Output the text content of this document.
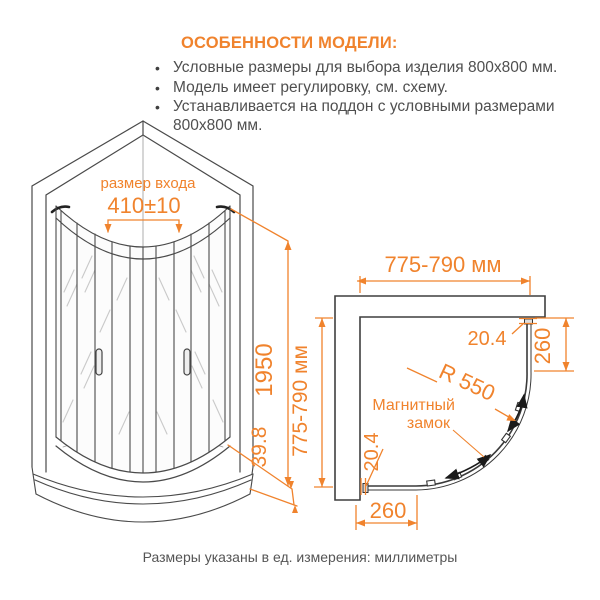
ОСОБЕННОСТИ МОДЕЛИ:
• Условные размеры для выбора изделия 800x800 мм.
• Модель имеет регулировку, см. схему.
• Устанавливается на поддон с условными размерами 800x800 мм.
размер входа
410±10
1950
39.8
775-790 мм
775-790 мм
20.4 260
R 550
20.4
260
Магнитный
замок
Размеры указаны в ед. измерения: миллиметры
